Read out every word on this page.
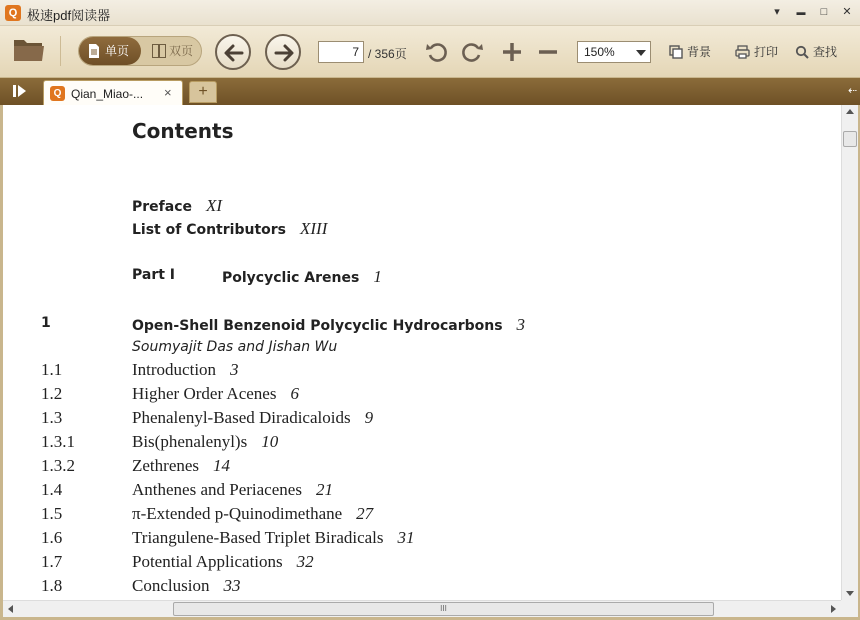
Q 极速pdf阅读器	▾	▬	□	✕
单页	双页
7	/ 356页	150%	背景	打印	查找
Q Qian_Miao-... ×	+	⇠
Contents
Preface XI
List of Contributors XIII
Part I	Polycyclic Arenes 1
1	Open-Shell Benzenoid Polycyclic Hydrocarbons 3
Soumyajit Das and Jishan Wu
1.1	Introduction 3
1.2	Higher Order Acenes 6
1.3	Phenalenyl-Based Diradicaloids 9
1.3.1	Bis(phenalenyl)s 10
1.3.2	Zethrenes 14
1.4	Anthenes and Periacenes 21
1.5	π-Extended p-Quinodimethane 27
1.6	Triangulene-Based Triplet Biradicals 31
1.7	Potential Applications 32
1.8	Conclusion 33
III
